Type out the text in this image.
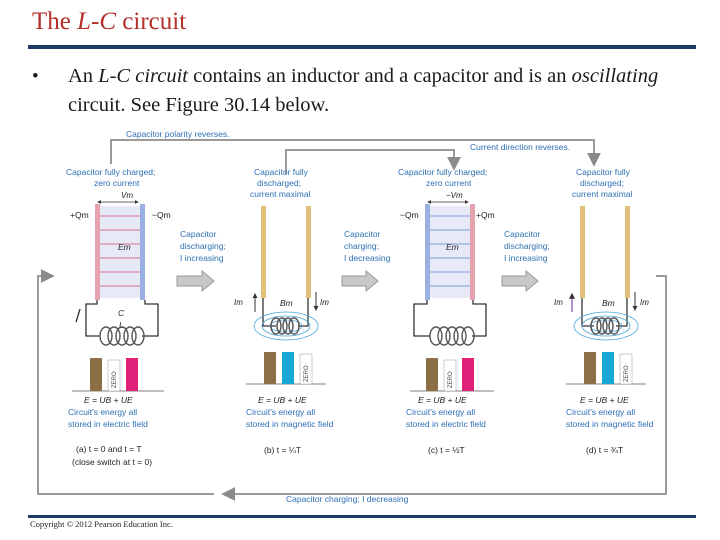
The L-C circuit
• An L-C circuit contains an inductor and a capacitor and is an oscillating circuit. See Figure 30.14 below.
Capacitor polarity reverses.
Current direction reverses.
Capacitor charging; I decreasing
Capacitor fully charged;
zero current
Vm
+Qm	−Qm
Em
C
L
ZERO
E = UB + UE
Circuit's energy all
stored in electric field
(a) t = 0 and t = T
(close switch at t = 0)
Capacitor
discharging;
I increasing
Capacitor fully
discharged;
current maximal
Im	Im
Bm
ZERO
E = UB + UE
Circuit's energy all
stored in magnetic field
(b) t = ¼T
Capacitor
charging;
I decreasing
Capacitor fully charged;
zero current
−Vm
−Qm	+Qm
Em
ZERO
E = UB + UE
Circuit's energy all
stored in electric field
(c) t = ½T
Capacitor
discharging;
I increasing
Capacitor fully
discharged;
current maximal
Im	Im
Bm
ZERO
E = UB + UE
Circuit's energy all
stored in magnetic field
(d) t = ¾T
Copyright © 2012 Pearson Education Inc.
